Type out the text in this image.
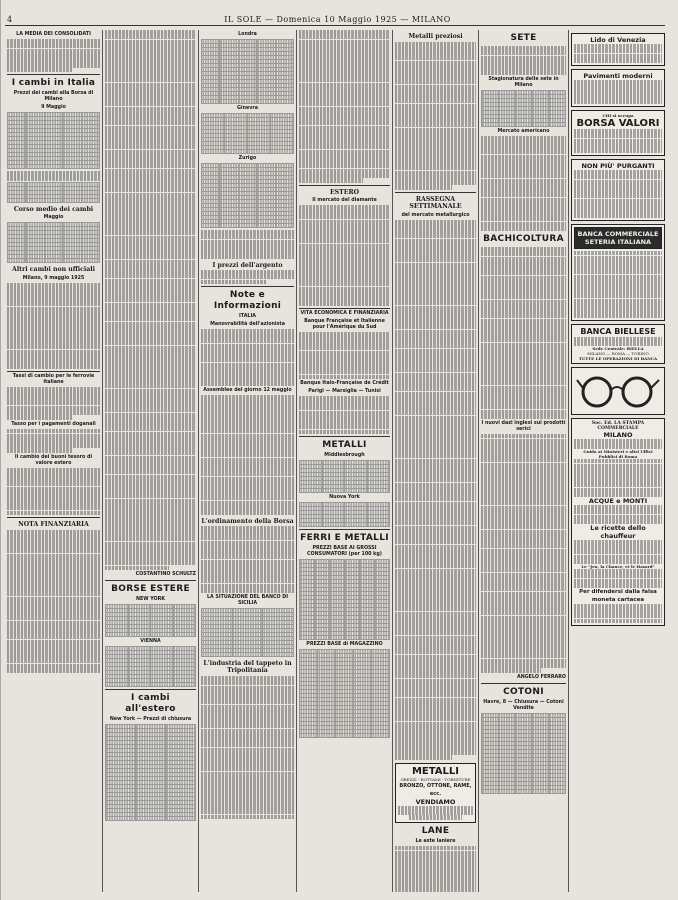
4	IL SOLE — Domenica 10 Maggio 1925 — MILANO
LA MEDIA DEI CONSOLIDATI
I cambi in Italia
Prezzi dei cambi alla Borsa di Milano
9 Maggio

Corso medio dei cambi
Maggio

Altri cambi non ufficiali
Milano, 9 maggio 1925
Tassi di cambio per le ferrovie italiane
Tasso per i pagamenti doganali
Il cambio dei buoni tesoro di valore estero
NOTA FINANZIARIA
COSTANTINO SCHULTZ
BORSE ESTERE
NEW YORK

VIENNA

I cambi all'estero
New York — Prezzi di chiusura

Londra

Ginevra

Zurigo

I prezzi dell'argento
Note e Informazioni
ITALIA
Manovrabilità dell'azionista
Assemblee del giorno 12 maggio
L'ordinamento della Borsa
LA SITUAZIONE DEL BANCO DI SICILIA

L'industria del tappeto in Tripolitania
ESTERO
Il mercato del diamante
VITA ECONOMICA E FINANZIARIA
Banque Française et Italienne pour l'Amérique du Sud
Banque Italo-Française de Crédit
Parigi — Marsiglia — Tunisi
METALLI
Middlesbrough

Nuova York

FERRI E METALLI
PREZZI BASE AI GROSSI CONSUMATORI (per 100 kg)

PREZZI BASE di MAGAZZINO

Metalli preziosi
RASSEGNA SETTIMANALE
del mercato metallurgico
METALLI
GREZZI - ROTTAMI - TORNITURE
BRONZO, OTTONE, RAME, ecc.
VENDIAMO
LANE
Le aste laniere
SETE
Stagionatura delle sete in Milano

Mercato americano
BACHICOLTURA
I nuovi dazi inglesi sui prodotti serici
ANGELO FERRARO
COTONI
Havre, 8 — Chiusura — Cotoni Vendite

Lido di Venezia
Pavimenti moderni
CHI si occupa
BORSA VALORI
NON PIÙ' PURGANTI
BANCA COMMERCIALE
SETERIA ITALIANA
BANCA BIELLESE
Sede Centrale: BIELLA
MILANO — ROMA — TORINO
TUTTE LE OPERAZIONI DI BANCA
Soc. Ed. LA STAMPA COMMERCIALE
MILANO
Guida ai Ministeri e altri Uffici Pubblici di Roma
ACQUE e MONTI
Le ricette dello chauffeur
Le "Jeu, la Chance, et le Hasard"
Per difendersi dalla falsa moneta cartacea
